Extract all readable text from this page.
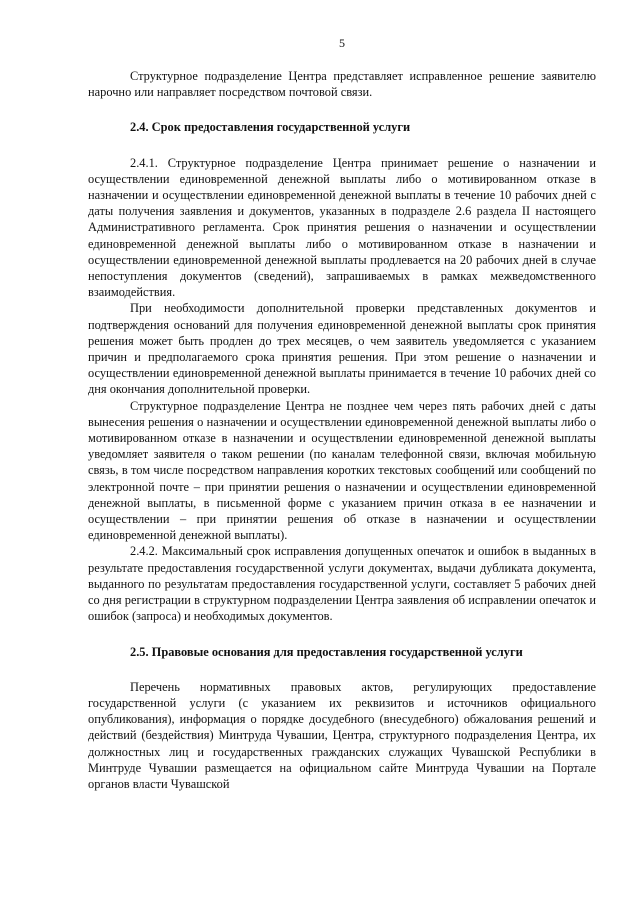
5

Структурное подразделение Центра представляет исправленное решение заявителю нарочно или направляет посредством почтовой связи.

2.4. Срок предоставления государственной услуги

2.4.1. Структурное подразделение Центра принимает решение о назначении и осуществлении единовременной денежной выплаты либо о мотивированном отказе в назначении и осуществлении единовременной денежной выплаты в течение 10 рабочих дней с даты получения заявления и документов, указанных в подразделе 2.6 раздела II настоящего Административного регламента. Срок принятия решения о назначении и осуществлении единовременной денежной выплаты либо о мотивированном отказе в назначении и осуществлении единовременной денежной выплаты продлевается на 20 рабочих дней в случае непоступления документов (сведений), запрашиваемых в рамках межведомственного взаимодействия.

При необходимости дополнительной проверки представленных документов и подтверждения оснований для получения единовременной денежной выплаты срок принятия решения может быть продлен до трех месяцев, о чем заявитель уведомляется с указанием причин и предполагаемого срока принятия решения. При этом решение о назначении и осуществлении единовременной денежной выплаты принимается в течение 10 рабочих дней со дня окончания дополнительной проверки.

Структурное подразделение Центра не позднее чем через пять рабочих дней с даты вынесения решения о назначении и осуществлении единовременной денежной выплаты либо о мотивированном отказе в назначении и осуществлении единовременной денежной выплаты уведомляет заявителя о таком решении (по каналам телефонной связи, включая мобильную связь, в том числе посредством направления коротких текстовых сообщений или сообщений по электронной почте – при принятии решения о назначении и осуществлении единовременной денежной выплаты, в письменной форме с указанием причин отказа в ее назначении и осуществлении – при принятии решения об отказе в назначении и осуществлении единовременной денежной выплаты).

2.4.2. Максимальный срок исправления допущенных опечаток и ошибок в выданных в результате предоставления государственной услуги документах, выдачи дубликата документа, выданного по результатам предоставления государственной услуги, составляет 5 рабочих дней со дня регистрации в структурном подразделении Центра заявления об исправлении опечаток и ошибок (запроса) и необходимых документов.

2.5. Правовые основания для предоставления государственной услуги

Перечень нормативных правовых актов, регулирующих предоставление государственной услуги (с указанием их реквизитов и источников официального опубликования), информация о порядке досудебного (внесудебного) обжалования решений и действий (бездействия) Минтруда Чувашии, Центра, структурного подразделения Центра, их должностных лиц и государственных гражданских служащих Чувашской Республики в Минтруде Чувашии размещается на официальном сайте Минтруда Чувашии на Портале органов власти Чувашской
